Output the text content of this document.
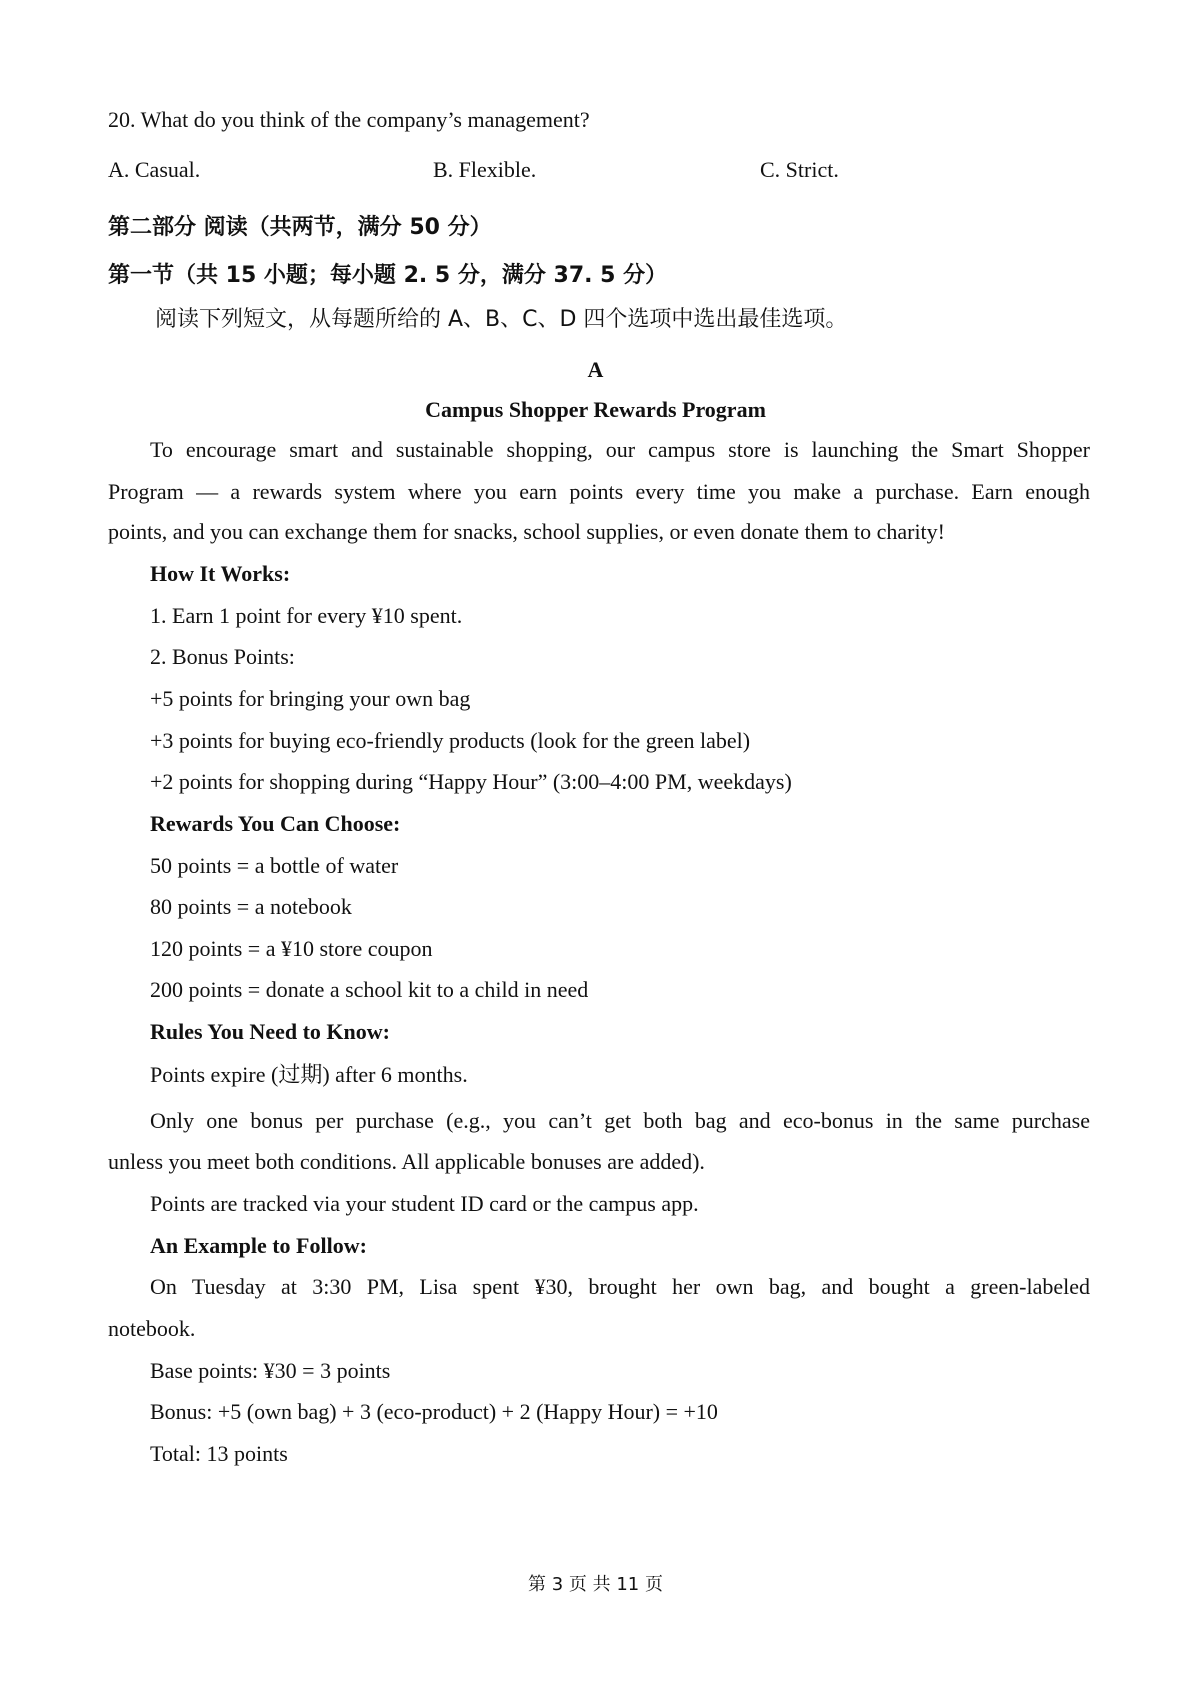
20. What do you think of the company’s management?
A. Casual.	B. Flexible.	C. Strict.
第二部分 阅读（共两节，满分 50 分）
第一节（共 15 小题；每小题 2. 5 分，满分 37. 5 分）
阅读下列短文，从每题所给的 A、B、C、D 四个选项中选出最佳选项。
A
Campus Shopper Rewards Program
To encourage smart and sustainable shopping, our campus store is launching the Smart Shopper
Program — a rewards system where you earn points every time you make a purchase. Earn enough
points, and you can exchange them for snacks, school supplies, or even donate them to charity!
How It Works:
1. Earn 1 point for every ¥10 spent.
2. Bonus Points:
+5 points for bringing your own bag
+3 points for buying eco-friendly products (look for the green label)
+2 points for shopping during “Happy Hour” (3:00–4:00 PM, weekdays)
Rewards You Can Choose:
50 points = a bottle of water
80 points = a notebook
120 points = a ¥10 store coupon
200 points = donate a school kit to a child in need
Rules You Need to Know:
Points expire (过期) after 6 months.
Only one bonus per purchase (e.g., you can’t get both bag and eco-bonus in the same purchase
unless you meet both conditions. All applicable bonuses are added).
Points are tracked via your student ID card or the campus app.
An Example to Follow:
On Tuesday at 3:30 PM, Lisa spent ¥30, brought her own bag, and bought a green-labeled
notebook.
Base points: ¥30 = 3 points
Bonus: +5 (own bag) + 3 (eco-product) + 2 (Happy Hour) = +10
Total: 13 points
第 3 页 共 11 页
